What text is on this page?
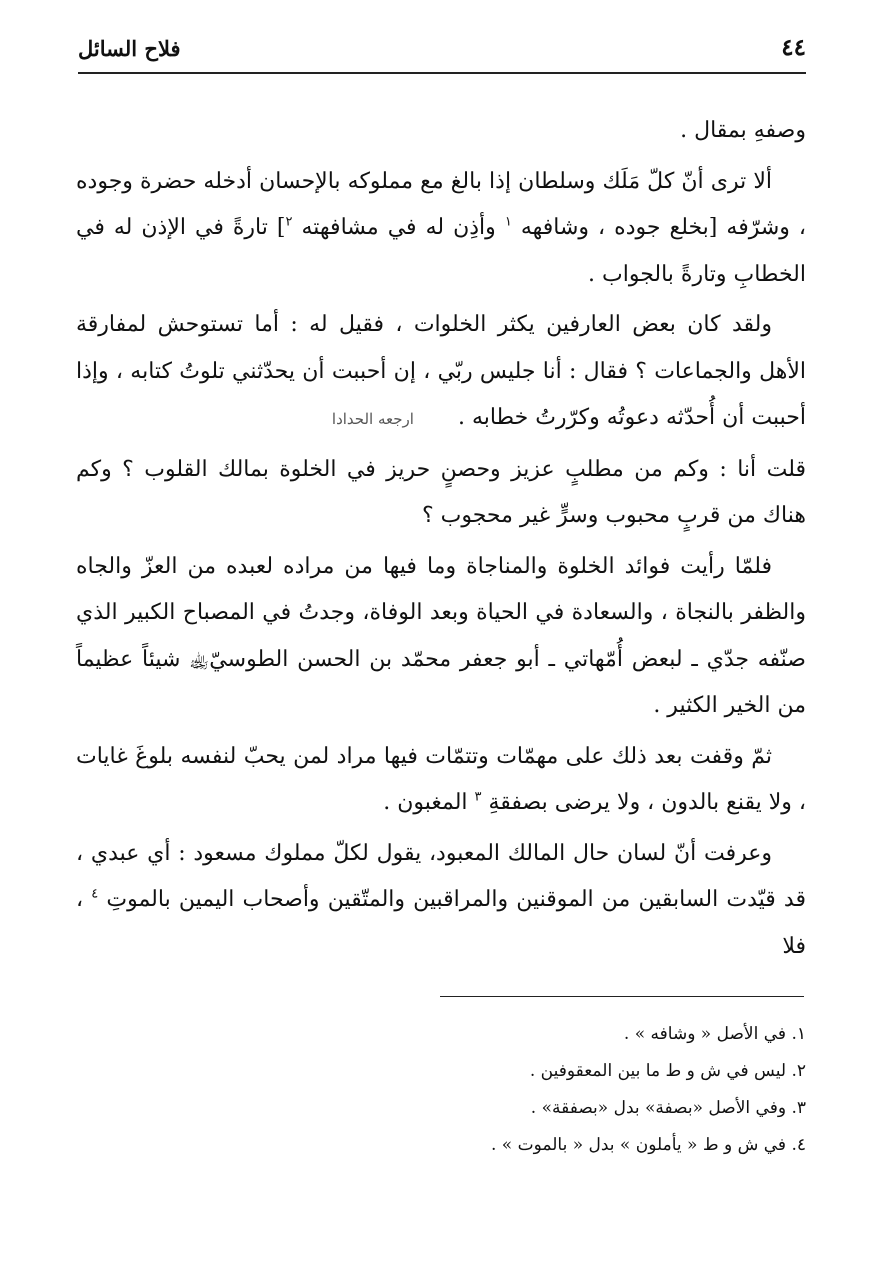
فلاح السائل	٤٤

وصفهِ بمقال .

ألا ترى أنّ كلّ مَلَك وسلطان إذا بالغ مع مملوكه بالإحسان أدخله حضرة وجوده ، وشرّفه [بخلع جوده ، وشافهه $^١$ وأذِن له في مشافهته $^٢$] تارةً في الإذن له في الخطابِ وتارةً بالجواب .

ولقد كان بعض العارفين يكثر الخلوات ، فقيل له : أما تستوحش لمفارقة الأهل والجماعات ؟ فقال : أنا جليس ربّي ، إن أحببت أن يحدّثني تلوتُ كتابه ، وإذا أحببت أن أُحدّثه دعوتُه وكرّرتُ خطابه .ارجعه الحدادا

قلت أنا : وكم من مطلبٍ عزيز وحصنٍ حريز في الخلوة بمالك القلوب ؟ وكم هناك من قربٍ محبوب وسرٍّ غير محجوب ؟

فلمّا رأيت فوائد الخلوة والمناجاة وما فيها من مراده لعبده من العزّ والجاه والظفر بالنجاة ، والسعادة في الحياة وبعد الوفاة، وجدتُ في المصباح الكبير الذي صنّفه جدّي ـ لبعض أُمّهاتي ـ أبو جعفر محمّد بن الحسن الطوسيّ﵀ شيئاً عظيماً من الخير الكثير .

ثمّ وقفت بعد ذلك على مهمّات وتتمّات فيها مراد لمن يحبّ لنفسه بلوغَ غايات ، ولا يقنع بالدون ، ولا يرضى بصفقةِ $^٣$ المغبون .

وعرفت أنّ لسان حال المالك المعبود، يقول لكلّ مملوك مسعود : أي عبدي ، قد قيّدت السابقين من الموقنين والمراقبين والمتّقين وأصحاب اليمين بالموتِ $^٤$ ، فلا

١. في الأصل « وشافه » .
٢. ليس في ش و ط ما بين المعقوفين .
٣. وفي الأصل «بصفة» بدل «بصفقة» .
٤. في ش و ط « يأملون » بدل « بالموت » .
